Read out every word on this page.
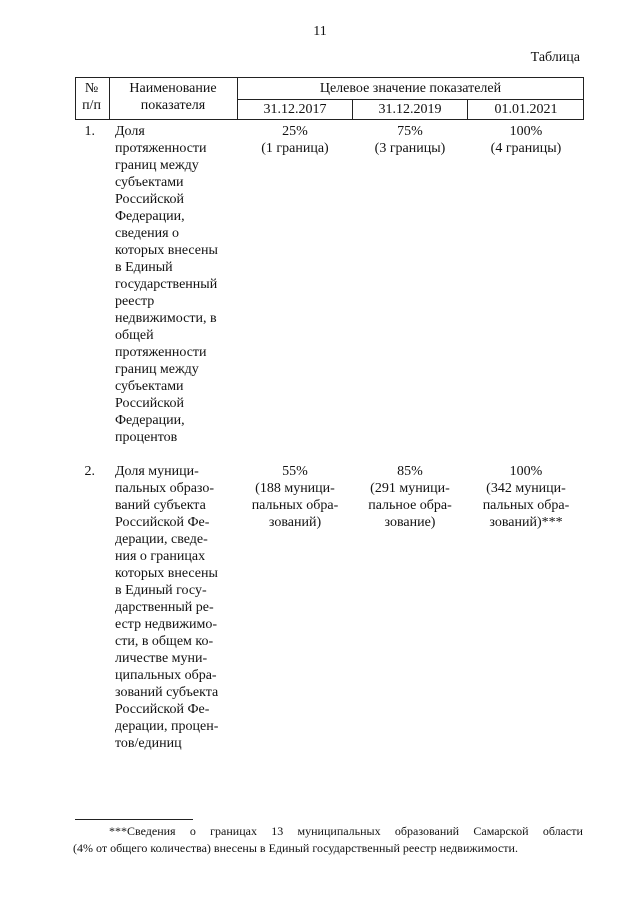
11
Таблица
№
п/п
Наименование
показателя
Целевое значение показателей
31.12.2017	31.12.2019	01.01.2021
1. Доля
протяженности
границ между
субъектами
Российской
Федерации,
сведения о
которых внесены
в Единый
государственный
реестр
недвижимости, в
общей
протяженности
границ между
субъектами
Российской
Федерации,
процентов
25%
(1 граница)
75%
(3 границы)
100%
(4 границы)
2. Доля муници-
пальных образо-
ваний субъекта
Российской Фе-
дерации, сведе-
ния о границах
которых внесены
в Единый госу-
дарственный ре-
естр недвижимо-
сти, в общем ко-
личестве муни-
ципальных обра-
зований субъекта
Российской Фе-
дерации, процен-
тов/единиц
55%
(188 муници-
пальных обра-
зований)
85%
(291 муници-
пальное обра-
зование)
100%
(342 муници-
пальных обра-
зований)***
***Сведения о границах 13 муниципальных образований Самарской области
(4% от общего количества) внесены в Единый государственный реестр недвижимости.
